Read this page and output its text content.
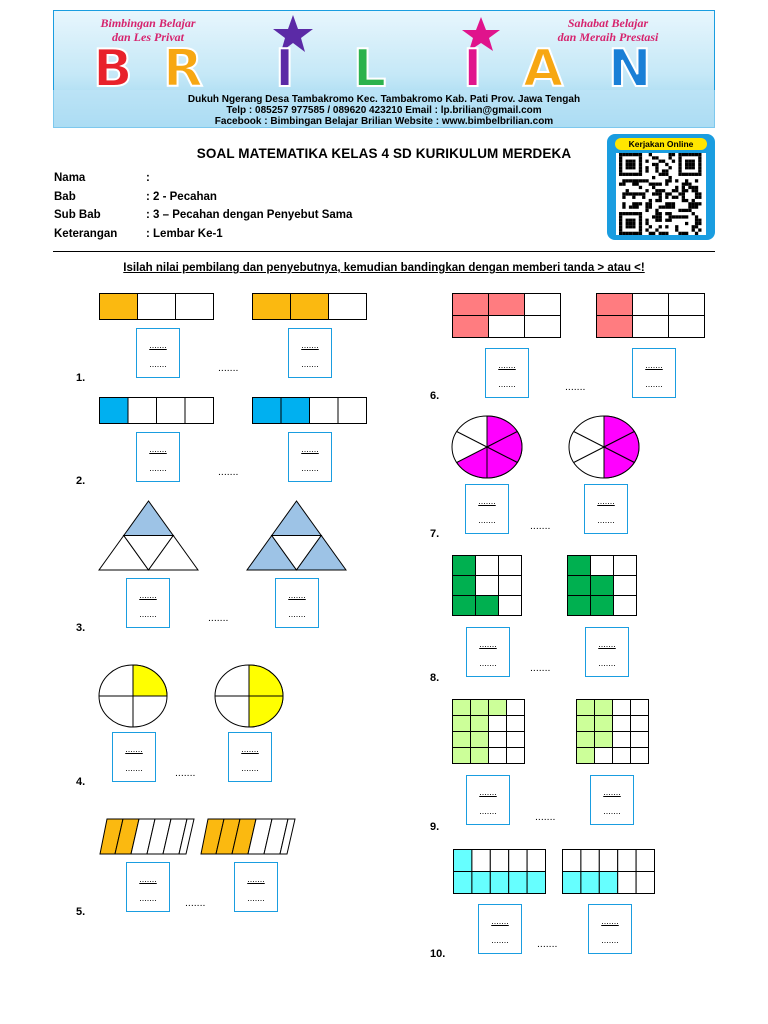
Bimbingan Belajar
dan Les Privat
Sahabat Belajar
dan Meraih Prestasi
B R I L I A N
Dukuh Ngerang Desa Tambakromo Kec. Tambakromo Kab. Pati Prov. Jawa Tengah
Telp : 085257 977585 / 089620 423210 Email : lp.brilian@gmail.com
Facebook : Bimbingan Belajar Brilian Website : www.bimbelbrilian.com
SOAL MATEMATIKA KELAS 4 SD KURIKULUM MERDEKA
Nama	:
Bab	: 2 - Pecahan
Sub Bab	: 3 – Pecahan dengan Penyebut Sama
Keterangan : Lembar Ke-1
Kerjakan Online
Isilah nilai pembilang dan penyebutnya, kemudian bandingkan dengan memberi tanda > atau <!
1.
2.
3.
4.
5.
6.
7.
8.
9.
10.
.......
.......
.......
.......
.......
.......
.......
.......
.......
.......
.......
.......
.......
.......
.......
.......
.......
.......
.......
.......
.......
.......
.......
.......
.......
.......
.......
.......
.......
.......
.......
.......
.......
.......
.......
.......
.......
.......
.......
.......
.......
.......
.......
.......
.......
.......
.......
.......
.......
.......
